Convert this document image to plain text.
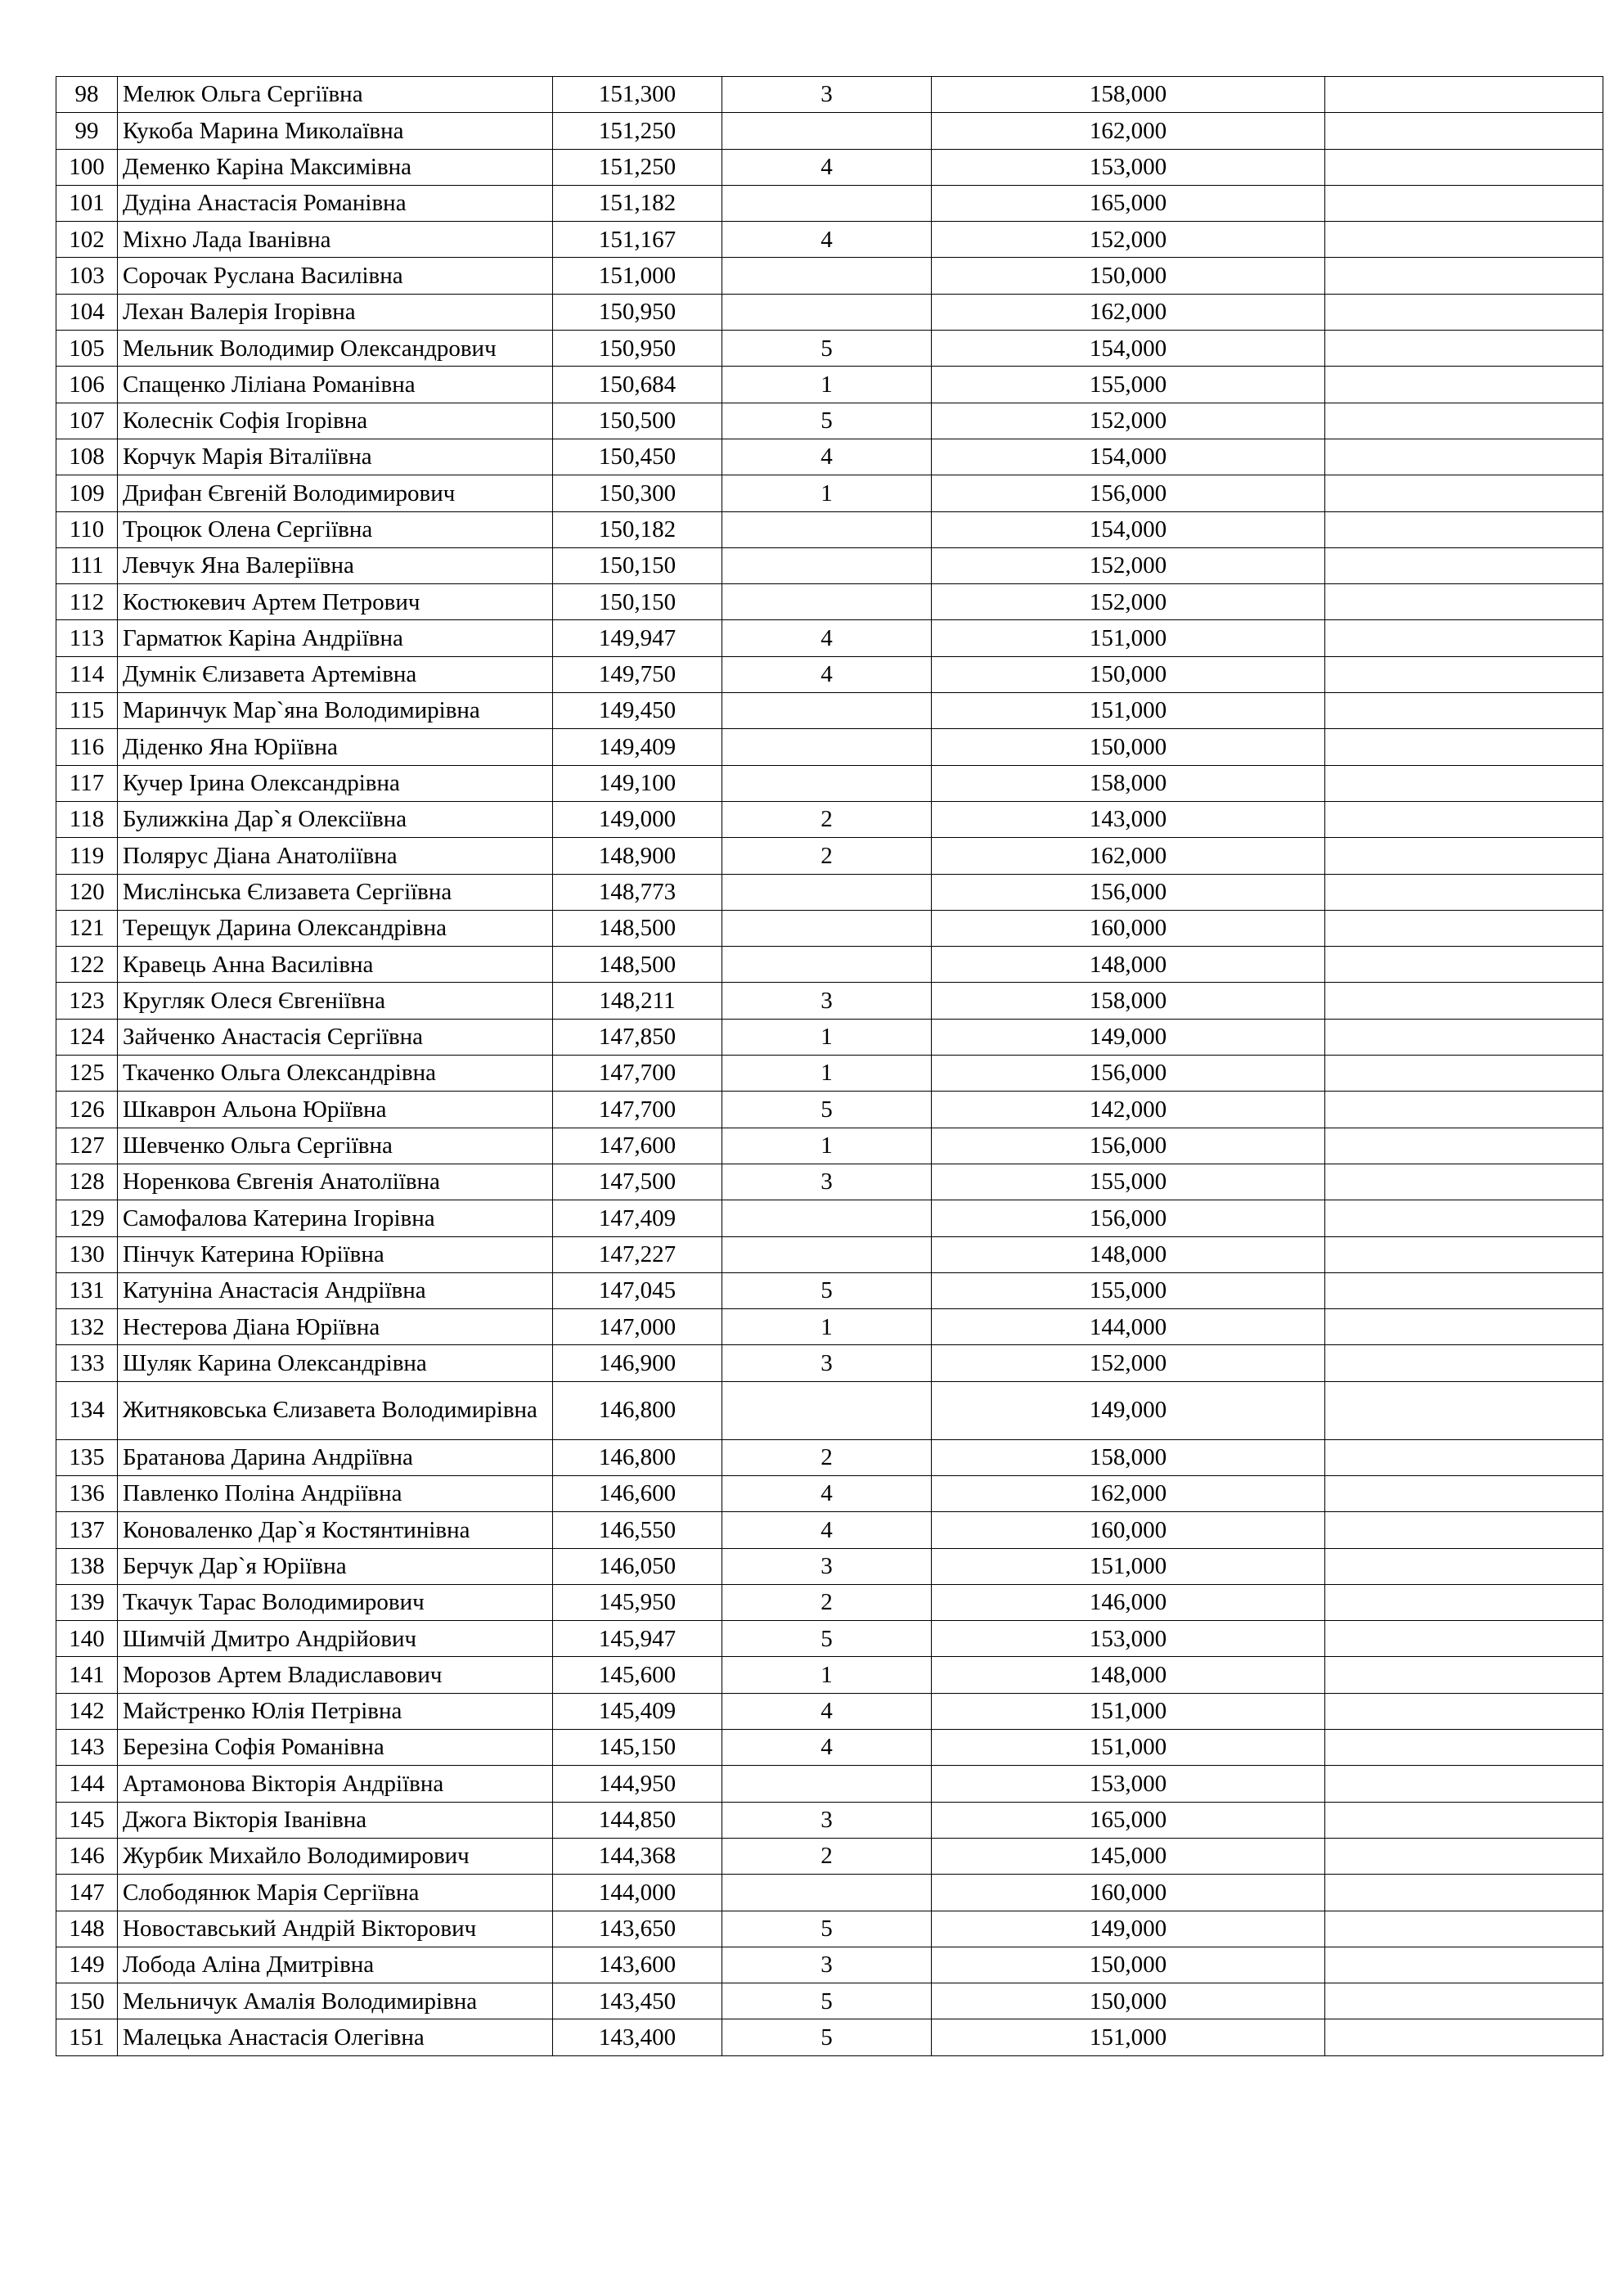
98	Мелюк Ольга Сергіївна	151,300	3	158,000	
99	Кукоба Марина Миколаївна	151,250		162,000	
100	Деменко Каріна Максимівна	151,250	4	153,000	
101	Дудіна Анастасія Романівна	151,182		165,000	
102	Міхно Лада Іванівна	151,167	4	152,000	
103	Сорочак Руслана Василівна	151,000		150,000	
104	Лехан Валерія Ігорівна	150,950		162,000	
105	Мельник Володимир Олександрович	150,950	5	154,000	
106	Спащенко Ліліана Романівна	150,684	1	155,000	
107	Колеснік Софія Ігорівна	150,500	5	152,000	
108	Корчук Марія Віталіївна	150,450	4	154,000	
109	Дрифан Євгеній Володимирович	150,300	1	156,000	
110	Троцюк Олена Сергіївна	150,182		154,000	
111	Левчук Яна Валеріївна	150,150		152,000	
112	Костюкевич Артем Петрович	150,150		152,000	
113	Гарматюк Каріна Андріївна	149,947	4	151,000	
114	Думнік Єлизавета Артемівна	149,750	4	150,000	
115	Маринчук Мар`яна Володимирівна	149,450		151,000	
116	Діденко Яна Юріївна	149,409		150,000	
117	Кучер Ірина Олександрівна	149,100		158,000	
118	Булижкіна Дар`я Олексіївна	149,000	2	143,000	
119	Полярус Діана Анатоліївна	148,900	2	162,000	
120	Мислінська Єлизавета Сергіївна	148,773		156,000	
121	Терещук Дарина Олександрівна	148,500		160,000	
122	Кравець Анна Василівна	148,500		148,000	
123	Кругляк Олеся Євгеніївна	148,211	3	158,000	
124	Зайченко Анастасія Сергіївна	147,850	1	149,000	
125	Ткаченко Ольга Олександрівна	147,700	1	156,000	
126	Шкаврон Альона Юріївна	147,700	5	142,000	
127	Шевченко Ольга Сергіївна	147,600	1	156,000	
128	Норенкова Євгенія Анатоліївна	147,500	3	155,000	
129	Самофалова Катерина Ігорівна	147,409		156,000	
130	Пінчук Катерина Юріївна	147,227		148,000	
131	Катуніна Анастасія Андріївна	147,045	5	155,000	
132	Нестерова Діана Юріївна	147,000	1	144,000	
133	Шуляк Карина Олександрівна	146,900	3	152,000	
134	Житняковська Єлизавета Володимирівна	146,800		149,000	
135	Братанова Дарина Андріївна	146,800	2	158,000	
136	Павленко Поліна Андріївна	146,600	4	162,000	
137	Коноваленко Дар`я Костянтинівна	146,550	4	160,000	
138	Берчук Дар`я Юріївна	146,050	3	151,000	
139	Ткачук Тарас Володимирович	145,950	2	146,000	
140	Шимчій Дмитро Андрійович	145,947	5	153,000	
141	Морозов Артем Владиславович	145,600	1	148,000	
142	Майстренко Юлія Петрівна	145,409	4	151,000	
143	Березіна Софія Романівна	145,150	4	151,000	
144	Артамонова Вікторія Андріївна	144,950		153,000	
145	Джога Вікторія Іванівна	144,850	3	165,000	
146	Журбик Михайло Володимирович	144,368	2	145,000	
147	Слободянюк Марія Сергіївна	144,000		160,000	
148	Новоставський Андрій Вікторович	143,650	5	149,000	
149	Лобода Аліна Дмитрівна	143,600	3	150,000	
150	Мельничук Амалія Володимирівна	143,450	5	150,000	
151	Малецька Анастасія Олегівна	143,400	5	151,000	
